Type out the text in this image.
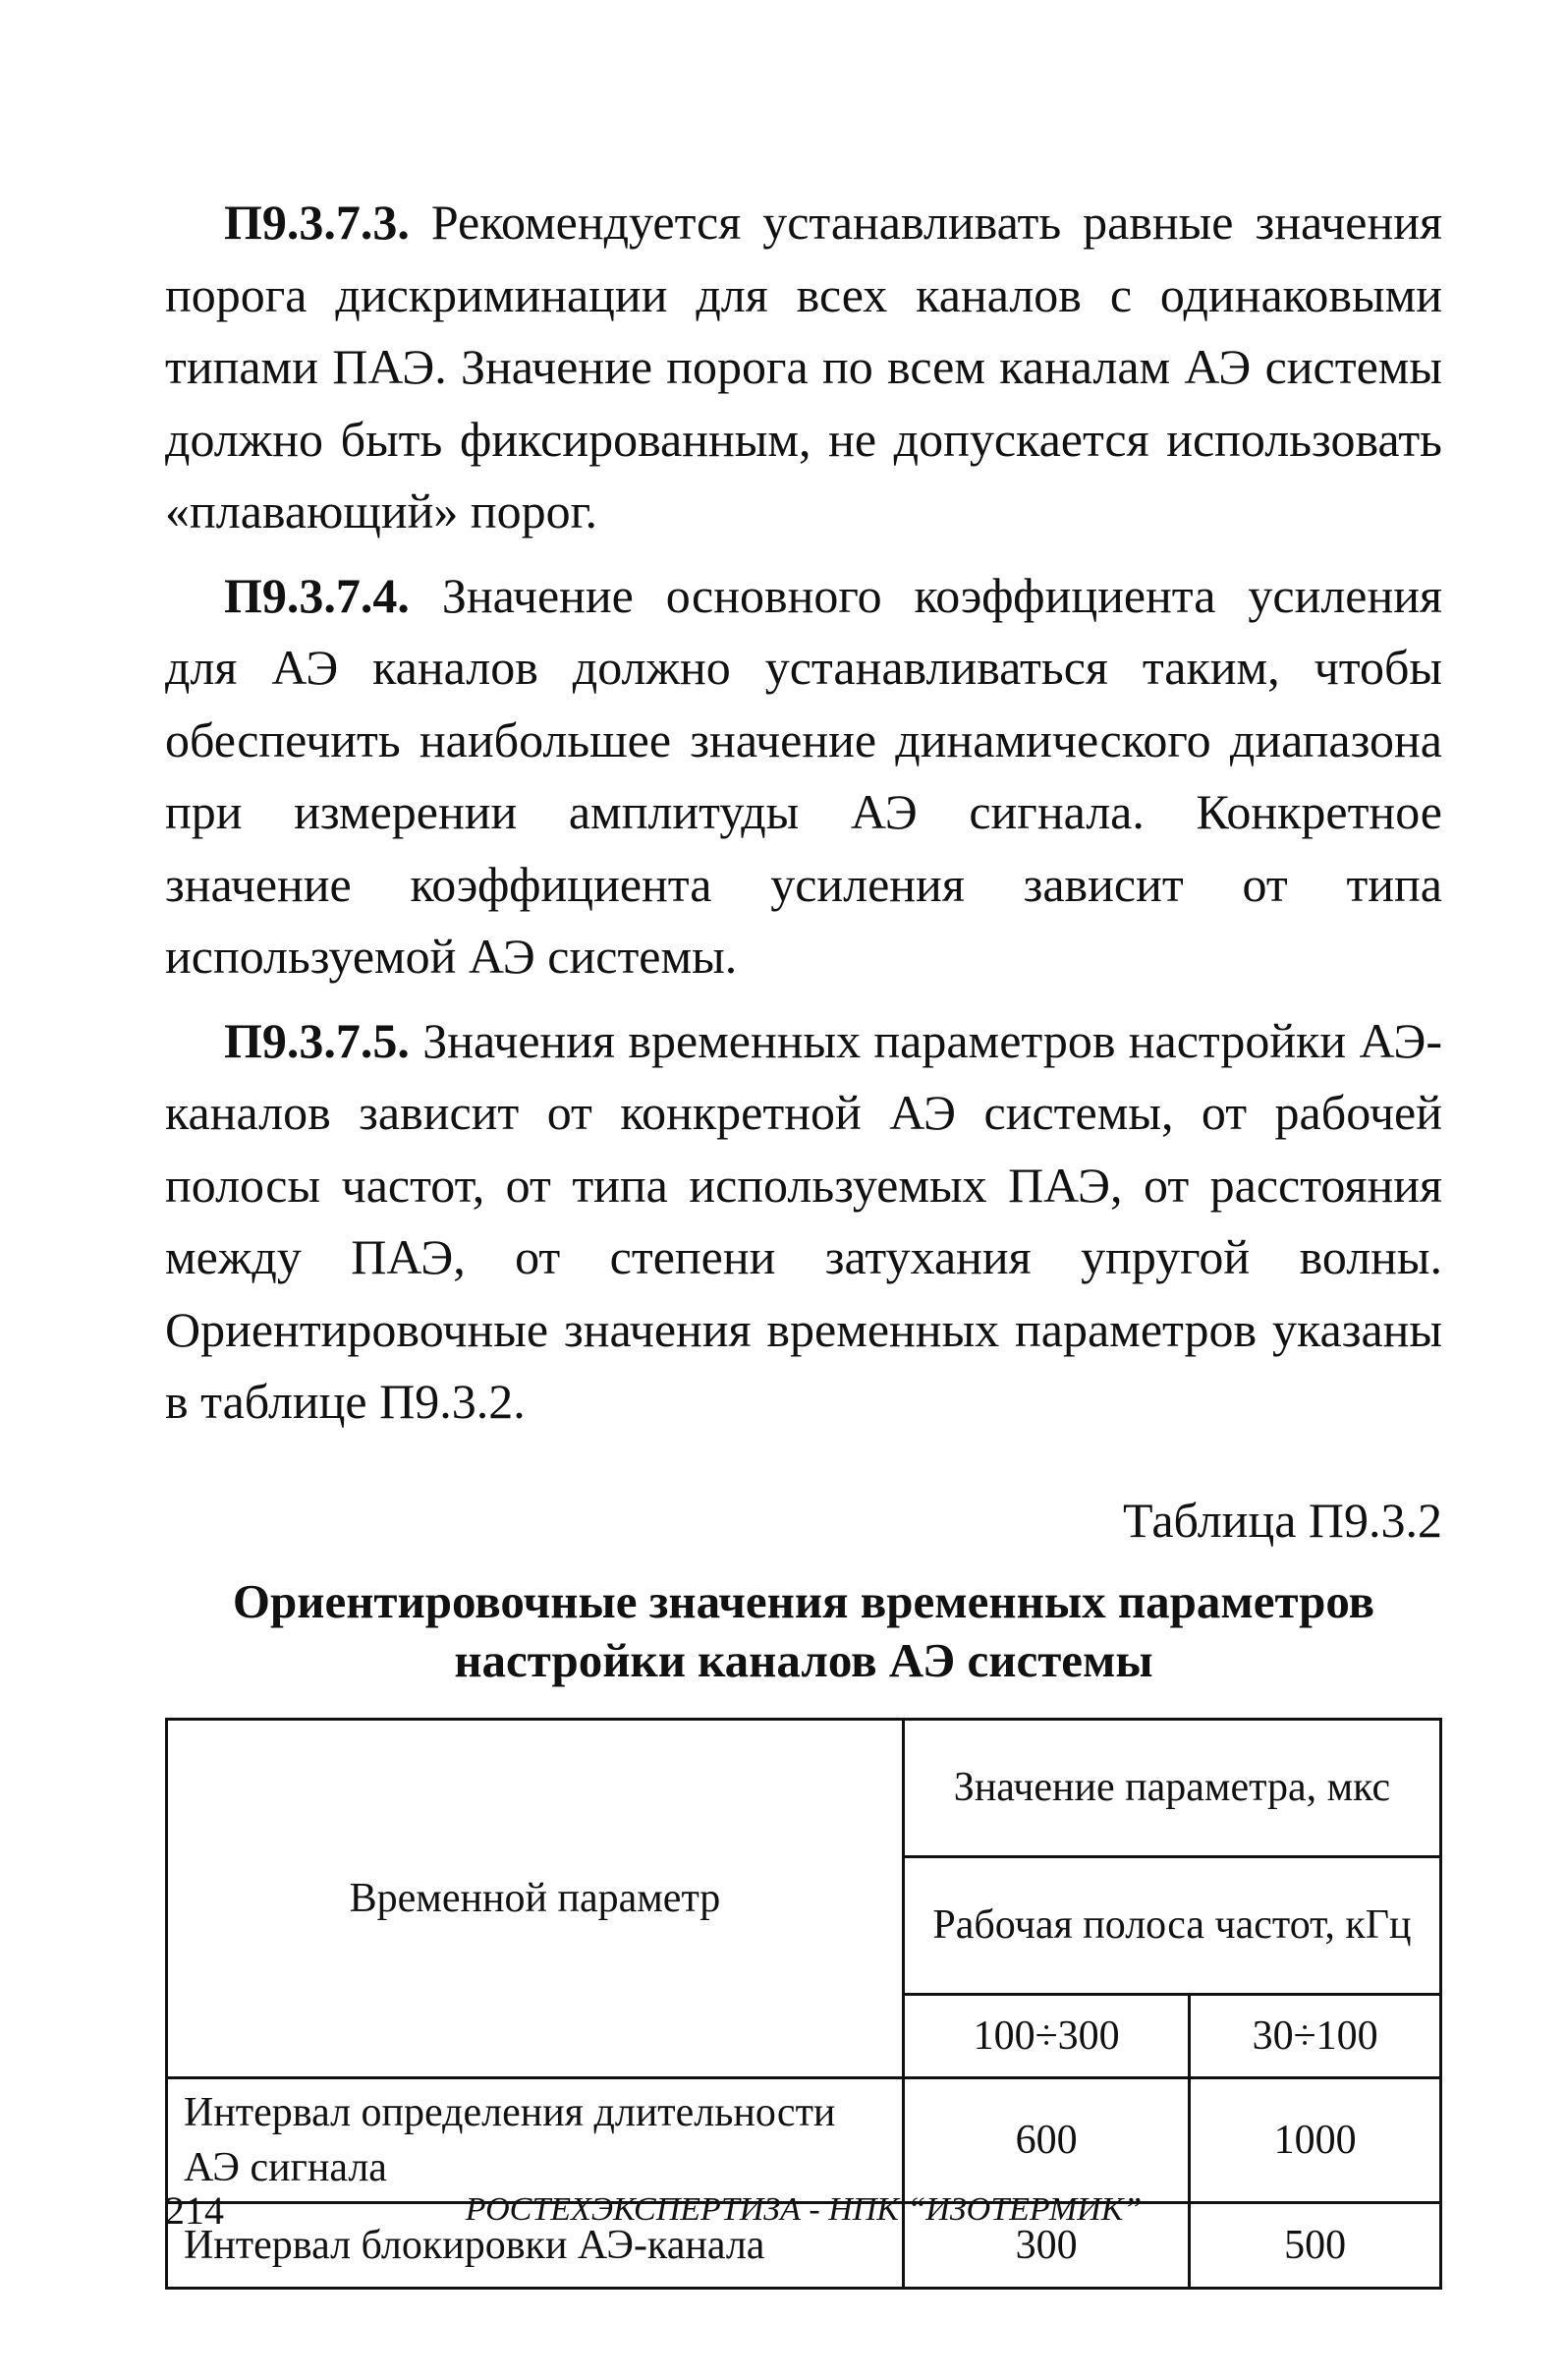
П9.3.7.3. Рекомендуется устанавливать равные значения порога дискриминации для всех каналов с одинаковыми типами ПАЭ. Значение порога по всем каналам АЭ системы должно быть фиксированным, не допускается использовать «плавающий» порог.

П9.3.7.4. Значение основного коэффициента усиления для АЭ каналов должно устанавливаться таким, чтобы обеспечить наибольшее значение динамического диапазона при измерении амплитуды АЭ сигнала. Конкретное значение коэффициента усиления зависит от типа используемой АЭ системы.

П9.3.7.5. Значения временных параметров настройки АЭ-каналов зависит от конкретной АЭ системы, от рабочей полосы частот, от типа используемых ПАЭ, от расстояния между ПАЭ, от степени затухания упругой волны. Ориентировочные значения временных параметров указаны в таблице П9.3.2.

Таблица П9.3.2
Ориентировочные значения временных параметров
настройки каналов АЭ системы
Временной параметр	Значение параметра, мкс	
	Рабочая полоса частот, кГц	
	100÷300	30÷100
Интервал определения длительности АЭ сигнала	600	1000
Интервал блокировки АЭ-канала	300	500
214	РОСТЕХЭКСПЕРТИЗА - НПК “ИЗОТЕРМИК”
